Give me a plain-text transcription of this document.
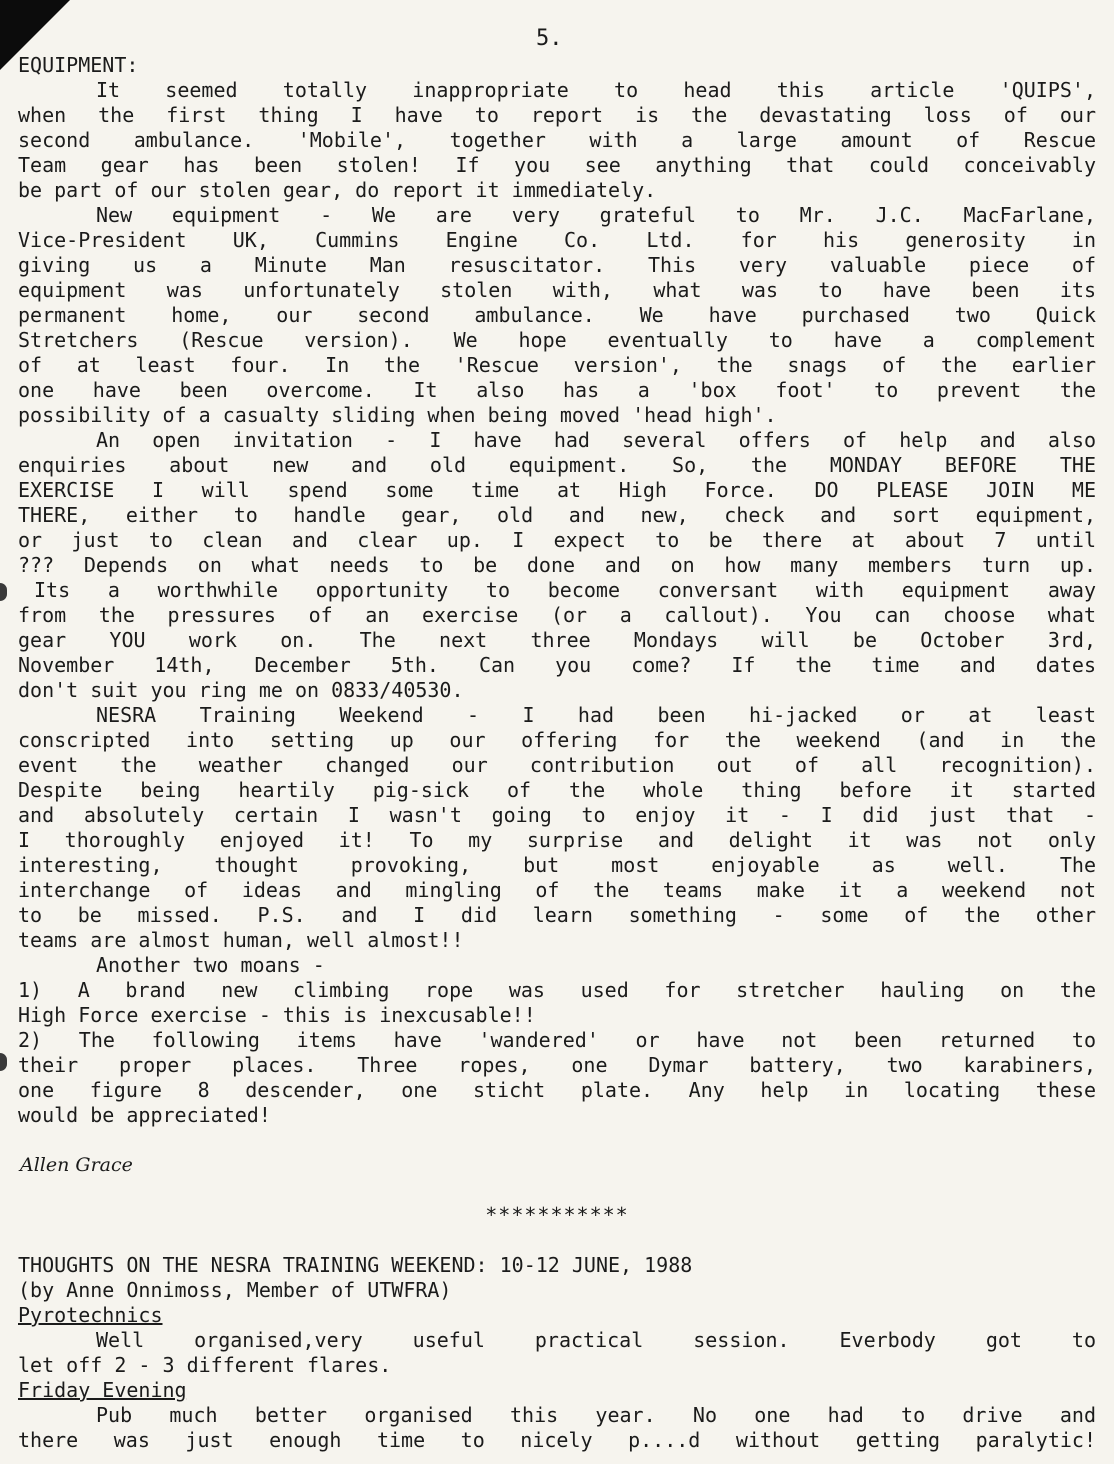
5.
EQUIPMENT:
It seemed totally inappropriate to head this article 'QUIPS',
when the first thing I have to report is the devastating loss of our
second ambulance. 'Mobile', together with a large amount of Rescue
Team gear has been stolen! If you see anything that could conceivably
be part of our stolen gear, do report it immediately.
New equipment - We are very grateful to Mr. J.C. MacFarlane,
Vice-President UK, Cummins Engine Co. Ltd. for his generosity in
giving us a Minute Man resuscitator. This very valuable piece of
equipment was unfortunately stolen with, what was to have been its
permanent home, our second ambulance. We have purchased two Quick
Stretchers (Rescue version). We hope eventually to have a complement
of at least four. In the 'Rescue version', the snags of the earlier
one have been overcome. It also has a 'box foot' to prevent the
possibility of a casualty sliding when being moved 'head high'.
An open invitation - I have had several offers of help and also
enquiries about new and old equipment. So, the MONDAY BEFORE THE
EXERCISE I will spend some time at High Force. DO PLEASE JOIN ME
THERE, either to handle gear, old and new, check and sort equipment,
or just to clean and clear up. I expect to be there at about 7 until
??? Depends on what needs to be done and on how many members turn up.
Its a worthwhile opportunity to become conversant with equipment away
from the pressures of an exercise (or a callout). You can choose what
gear YOU work on. The next three Mondays will be October 3rd,
November 14th, December 5th. Can you come? If the time and dates
don't suit you ring me on 0833/40530.
NESRA Training Weekend - I had been hi-jacked or at least
conscripted into setting up our offering for the weekend (and in the
event the weather changed our contribution out of all recognition).
Despite being heartily pig-sick of the whole thing before it started
and absolutely certain I wasn't going to enjoy it - I did just that -
I thoroughly enjoyed it! To my surprise and delight it was not only
interesting, thought provoking, but most enjoyable as well. The
interchange of ideas and mingling of the teams make it a weekend not
to be missed. P.S. and I did learn something - some of the other
teams are almost human, well almost!!
Another two moans -
1) A brand new climbing rope was used for stretcher hauling on the
High Force exercise - this is inexcusable!!
2) The following items have 'wandered' or have not been returned to
their proper places. Three ropes, one Dymar battery, two karabiners,
one figure 8 descender, one sticht plate. Any help in locating these
would be appreciated!
Allen Grace
***********
THOUGHTS ON THE NESRA TRAINING WEEKEND: 10-12 JUNE, 1988
(by Anne Onnimoss, Member of UTWFRA)
Pyrotechnics
Well organised,very useful practical session. Everbody got to
let off 2 - 3 different flares.
Friday Evening
Pub much better organised this year. No one had to drive and
there was just enough time to nicely p....d without getting paralytic!
